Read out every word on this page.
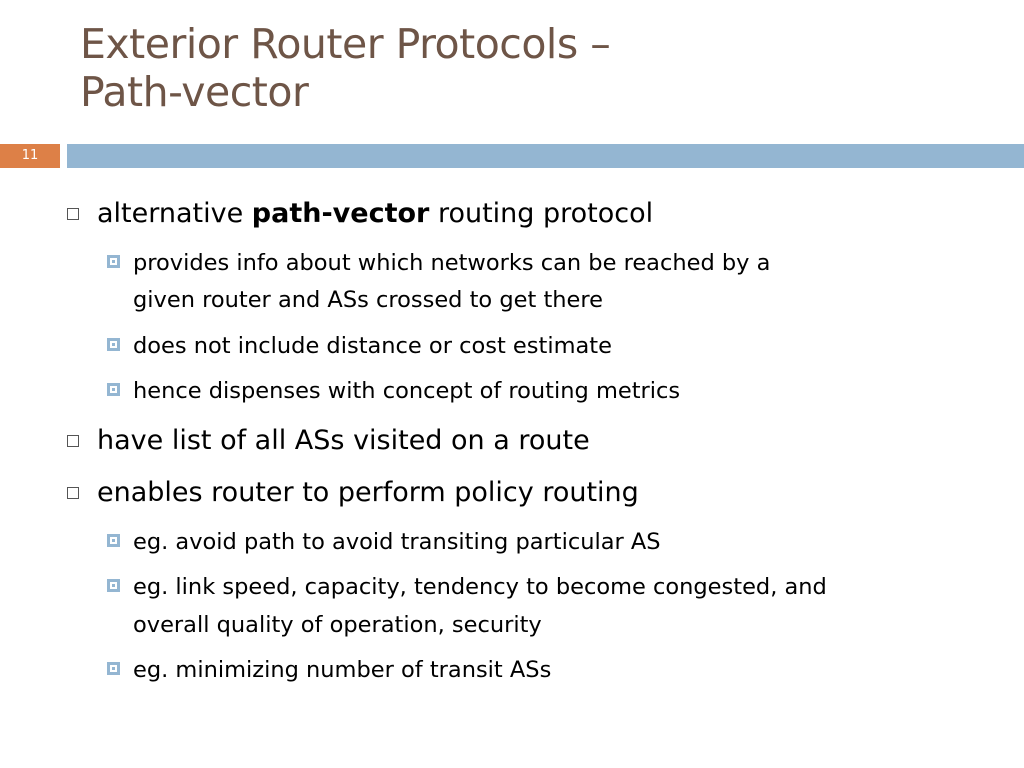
Exterior Router Protocols –
Path-vector
11
alternative path-vector routing protocol
provides info about which networks can be reached by a
given router and ASs crossed to get there
does not include distance or cost estimate
hence dispenses with concept of routing metrics
have list of all ASs visited on a route
enables router to perform policy routing
eg. avoid path to avoid transiting particular AS
eg. link speed, capacity, tendency to become congested, and
overall quality of operation, security
eg. minimizing number of transit ASs
